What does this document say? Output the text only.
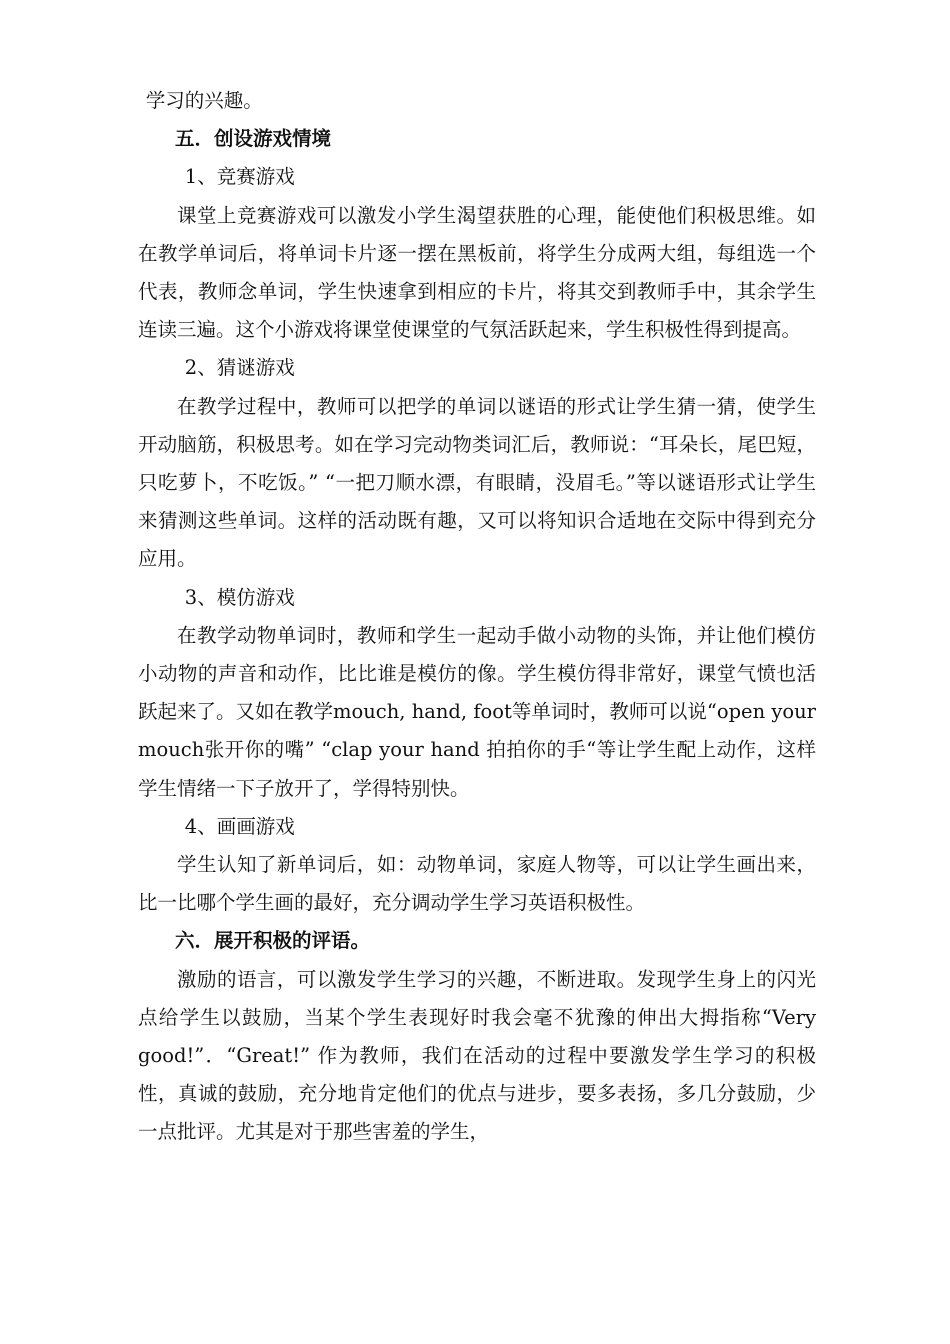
学习的兴趣。

五．创设游戏情境

1、竞赛游戏

课堂上竞赛游戏可以激发小学生渴望获胜的心理，能使他们积极思维。如在教学单词后，将单词卡片逐一摆在黑板前，将学生分成两大组，每组选一个代表，教师念单词，学生快速拿到相应的卡片，将其交到教师手中，其余学生连读三遍。这个小游戏将课堂使课堂的气氛活跃起来，学生积极性得到提高。

2、猜谜游戏

在教学过程中，教师可以把学的单词以谜语的形式让学生猜一猜，使学生开动脑筋，积极思考。如在学习完动物类词汇后，教师说：“耳朵长，尾巴短，只吃萝卜，不吃饭。” “一把刀顺水漂，有眼睛，没眉毛。”等以谜语形式让学生来猜测这些单词。这样的活动既有趣，又可以将知识合适地在交际中得到充分应用。

3、模仿游戏

在教学动物单词时，教师和学生一起动手做小动物的头饰，并让他们模仿小动物的声音和动作，比比谁是模仿的像。学生模仿得非常好，课堂气愤也活跃起来了。又如在教学mouch, hand, foot等单词时，教师可以说“open your mouch张开你的嘴” “clap your hand 拍拍你的手“等让学生配上动作，这样学生情绪一下子放开了，学得特别快。

4、画画游戏

学生认知了新单词后，如：动物单词，家庭人物等，可以让学生画出来，比一比哪个学生画的最好，充分调动学生学习英语积极性。

六．展开积极的评语。

激励的语言，可以激发学生学习的兴趣，不断进取。发现学生身上的闪光点给学生以鼓励，当某个学生表现好时我会毫不犹豫的伸出大拇指称“Very good!”．“Great!” 作为教师，我们在活动的过程中要激发学生学习的积极性，真诚的鼓励，充分地肯定他们的优点与进步，要多表扬，多几分鼓励，少一点批评。尤其是对于那些害羞的学生，
